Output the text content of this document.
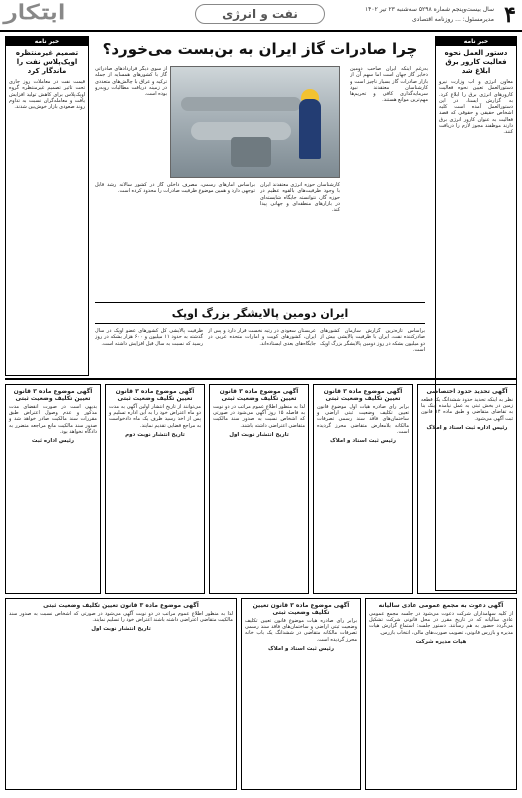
۴
سال بیست‌وپنجم شماره ۵۲۹۸ سه‌شنبه ۲۳ تیر ۱۴۰۲
مدیرمسئول: ... روزنامه اقتصادی
نفت و انرژی
ابتکار
خبر نامه
دستور العمل نحوه فعالیت کارور برق ابلاغ شد
معاون انرژی و آب وزارت نیرو دستورالعمل تعیین نحوه فعالیت کارورهای انرژی برق را ابلاغ کرد. به گزارش ایسنا، در این دستورالعمل آمده است کلیه اشخاص حقیقی و حقوقی که قصد فعالیت به عنوان کارور انرژی برق دارند موظفند مجوز لازم را دریافت کنند.
خبر نامه
تصمیم غیرمنتظره اوپک‌پلاس نفت را ماندگار کرد
قیمت نفت در معاملات روز جاری تحت تاثیر تصمیم غیرمنتظره گروه اوپک‌پلاس برای کاهش تولید افزایش یافت و معامله‌گران نسبت به تداوم روند صعودی بازار خوش‌بین شدند.
چرا صادرات گاز ایران به بن‌بست می‌خورد؟
به‌رغم اینکه ایران صاحب دومین ذخایر گاز جهان است اما سهم آن از بازار صادرات گاز بسیار ناچیز است و کارشناسان معتقدند نبود سرمایه‌گذاری کافی و تحریم‌ها مهم‌ترین موانع هستند.
از سوی دیگر قراردادهای صادراتی گاز با کشورهای همسایه از جمله ترکیه و عراق با چالش‌های متعددی در زمینه دریافت مطالبات روبه‌رو بوده است.
کارشناسان حوزه انرژی معتقدند ایران با وجود ظرفیت‌های بالقوه عظیم در حوزه گاز، نتوانسته جایگاه شایسته‌ای در بازارهای منطقه‌ای و جهانی پیدا کند.
براساس آمارهای رسمی، مصرف داخلی گاز در کشور سالانه رشد قابل توجهی دارد و همین موضوع ظرفیت صادرات را محدود کرده است.
ایران دومین پالایشگر بزرگ اوپک
براساس تازه‌ترین گزارش سازمان کشورهای صادرکننده نفت، ایران با ظرفیت پالایشی بیش از دو میلیون بشکه در روز دومین پالایشگر بزرگ اوپک است.
عربستان سعودی در رتبه نخست قرار دارد و پس از ایران، کشورهای کویت و امارات متحده عربی در جایگاه‌های بعدی ایستاده‌اند.
ظرفیت پالایشی کل کشورهای عضو اوپک در سال گذشته به حدود ۱۱ میلیون و ۶۰۰ هزار بشکه در روز رسید که نسبت به سال قبل افزایش داشته است.
آگهی تحدید حدود اختصاصی
نظر به اینکه تحدید حدود ششدانگ یک قطعه زمین در بخش ثبتی به عمل نیامده اینک بنا به تقاضای متقاضی و طبق ماده ۱۴ قانون ثبت آگهی می‌شود.
رئیس اداره ثبت اسناد و املاک
آگهی موضوع ماده ۳ قانون تعیین تکلیف وضعیت ثبتی
برابر رای صادره هیات اول موضوع قانون تعیین تکلیف وضعیت ثبتی اراضی و ساختمان‌های فاقد سند رسمی تصرفات مالکانه بلامعارض متقاضی محرز گردیده است.
رئیس ثبت اسناد و املاک
آگهی موضوع ماده ۳ قانون تعیین تکلیف وضعیت ثبتی
لذا به منظور اطلاع عموم مراتب در دو نوبت به فاصله ۱۵ روز آگهی می‌شود در صورتی که اشخاص نسبت به صدور سند مالکیت متقاضی اعتراضی داشته باشند.
تاریخ انتشار نوبت اول
آگهی موضوع ماده ۳ قانون تعیین تکلیف وضعیت ثبتی
می‌توانند از تاریخ انتشار اولین آگهی به مدت دو ماه اعتراض خود را به این اداره تسلیم و پس از اخذ رسید ظرف یک ماه دادخواست به مراجع قضایی تقدیم نمایند.
تاریخ انتشار نوبت دوم
آگهی موضوع ماده ۳ قانون تعیین تکلیف وضعیت ثبتی
بدیهی است در صورت انقضای مدت مذکور و عدم وصول اعتراض طبق مقررات سند مالکیت صادر خواهد شد و صدور سند مالکیت مانع مراجعه متضرر به دادگاه نخواهد بود.
رئیس اداره ثبت
آگهی دعوت به مجمع عمومی عادی سالیانه
از کلیه سهامداران شرکت دعوت می‌شود در جلسه مجمع عمومی عادی سالیانه که در تاریخ مقرر در محل قانونی شرکت تشکیل می‌گردد حضور به هم رسانند. دستور جلسه: استماع گزارش هیات مدیره و بازرس قانونی، تصویب صورت‌های مالی، انتخاب بازرس.
هیات مدیره شرکت
آگهی موضوع ماده ۳ قانون تعیین تکلیف وضعیت ثبتی
برابر رای صادره هیات موضوع قانون تعیین تکلیف وضعیت ثبتی اراضی و ساختمان‌های فاقد سند رسمی تصرفات مالکانه متقاضی در ششدانگ یک باب خانه محرز گردیده است.
رئیس ثبت اسناد و املاک
آگهی موضوع ماده ۳ قانون تعیین تکلیف وضعیت ثبتی
لذا به منظور اطلاع عموم مراتب در دو نوبت آگهی می‌شود در صورتی که اشخاص نسبت به صدور سند مالکیت متقاضی اعتراضی داشته باشند اعتراض خود را تسلیم نمایند.
تاریخ انتشار نوبت اول
